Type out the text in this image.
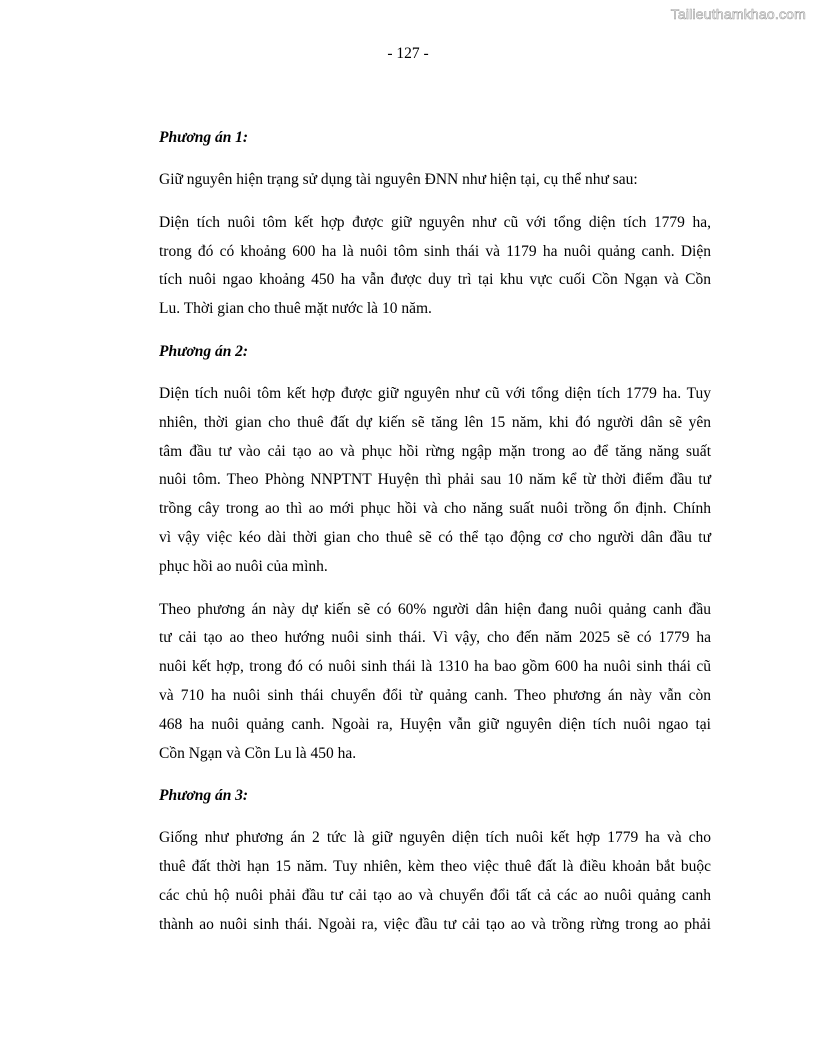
Tailieuthamkhao.com
- 127 -
Phương án 1:
Giữ nguyên hiện trạng sử dụng tài nguyên ĐNN như hiện tại, cụ thể như sau:
Diện tích nuôi tôm kết hợp được giữ nguyên như cũ với tổng diện tích 1779 ha,
trong đó có khoảng 600 ha là nuôi tôm sinh thái và 1179 ha nuôi quảng canh. Diện
tích nuôi ngao khoảng 450 ha vẫn được duy trì tại khu vực cuối Cồn Ngạn và Cồn
Lu. Thời gian cho thuê mặt nước là 10 năm.
Phương án 2:
Diện tích nuôi tôm kết hợp được giữ nguyên như cũ với tổng diện tích 1779 ha. Tuy
nhiên, thời gian cho thuê đất dự kiến sẽ tăng lên 15 năm, khi đó người dân sẽ yên
tâm đầu tư vào cải tạo ao và phục hồi rừng ngập mặn trong ao để tăng năng suất
nuôi tôm. Theo Phòng NNPTNT Huyện thì phải sau 10 năm kể từ thời điểm đầu tư
trồng cây trong ao thì ao mới phục hồi và cho năng suất nuôi trồng ổn định. Chính
vì vậy việc kéo dài thời gian cho thuê sẽ có thể tạo động cơ cho người dân đầu tư
phục hồi ao nuôi của mình.
Theo phương án này dự kiến sẽ có 60% người dân hiện đang nuôi quảng canh đầu
tư cải tạo ao theo hướng nuôi sinh thái. Vì vậy, cho đến năm 2025 sẽ có 1779 ha
nuôi kết hợp, trong đó có nuôi sinh thái là 1310 ha bao gồm 600 ha nuôi sinh thái cũ
và 710 ha nuôi sinh thái chuyển đổi từ quảng canh. Theo phương án này vẫn còn
468 ha nuôi quảng canh. Ngoài ra, Huyện vẫn giữ nguyên diện tích nuôi ngao tại
Cồn Ngạn và Cồn Lu là 450 ha.
Phương án 3:
Giống như phương án 2 tức là giữ nguyên diện tích nuôi kết hợp 1779 ha và cho
thuê đất thời hạn 15 năm. Tuy nhiên, kèm theo việc thuê đất là điều khoản bắt buộc
các chủ hộ nuôi phải đầu tư cải tạo ao và chuyển đổi tất cả các ao nuôi quảng canh
thành ao nuôi sinh thái. Ngoài ra, việc đầu tư cải tạo ao và trồng rừng trong ao phải
